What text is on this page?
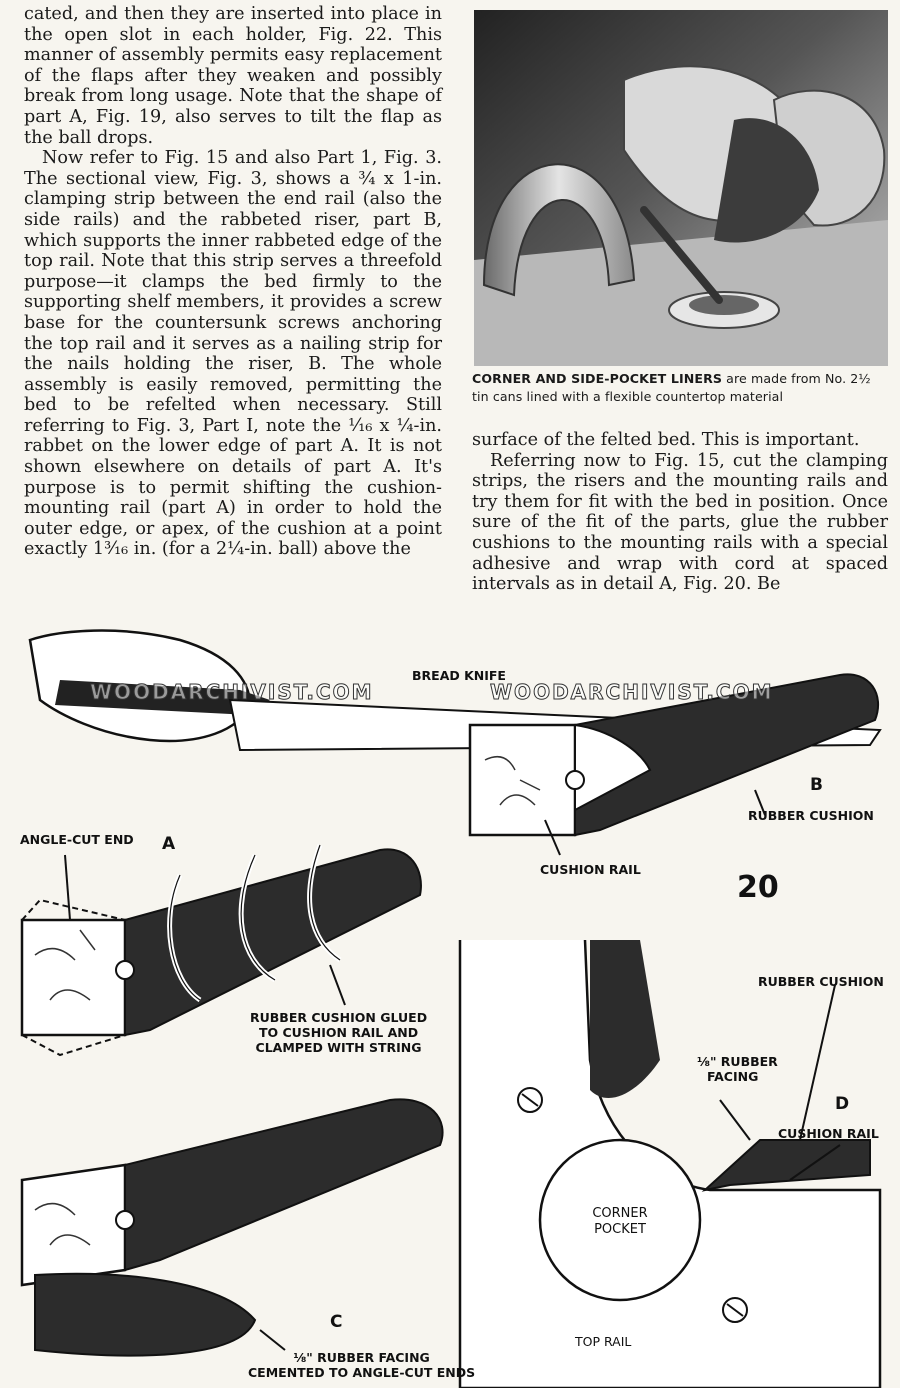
cated, and then they are inserted into place in the open slot in each holder, Fig. 22. This manner of assembly permits easy replacement of the flaps after they weaken and possibly break from long usage. Note that the shape of part A, Fig. 19, also serves to tilt the flap as the ball drops.

Now refer to Fig. 15 and also Part 1, Fig. 3. The sectional view, Fig. 3, shows a ¾ x 1-in. clamping strip between the end rail (also the side rails) and the rabbeted riser, part B, which supports the inner rabbeted edge of the top rail. Note that this strip serves a threefold purpose—it clamps the bed firmly to the supporting shelf members, it provides a screw base for the countersunk screws anchoring the top rail and it serves as a nailing strip for the nails holding the riser, B. The whole assembly is easily removed, permitting the bed to be refelted when necessary. Still referring to Fig. 3, Part I, note the ¹⁄₁₆ x ¼-in. rabbet on the lower edge of part A. It is not shown elsewhere on details of part A. It's purpose is to permit shifting the cushion-mounting rail (part A) in order to hold the outer edge, or apex, of the cushion at a point exactly 1³⁄₁₆ in. (for a 2¼-in. ball) above the

CORNER AND SIDE-POCKET LINERS are made from No. 2½ tin cans lined with a flexible countertop material

surface of the felted bed. This is important.

Referring now to Fig. 15, cut the clamping strips, the risers and the mounting rails and try them for fit with the bed in position. Once sure of the fit of the parts, glue the rubber cushions to the mounting rails with a special adhesive and wrap with cord at spaced intervals as in detail A, Fig. 20. Be

WOODARCHIVIST.COM	WOODARCHIVIST.COM
BREAD KNIFE
B
RUBBER CUSHION
CUSHION RAIL
20
ANGLE-CUT END A
RUBBER CUSHION GLUED
TO CUSHION RAIL AND
CLAMPED WITH STRING
C
⅛" RUBBER FACING
CEMENTED TO ANGLE-CUT ENDS
RUBBER CUSHION
⅛" RUBBER
FACING
D
CUSHION RAIL
CORNER
POCKET
TOP RAIL
